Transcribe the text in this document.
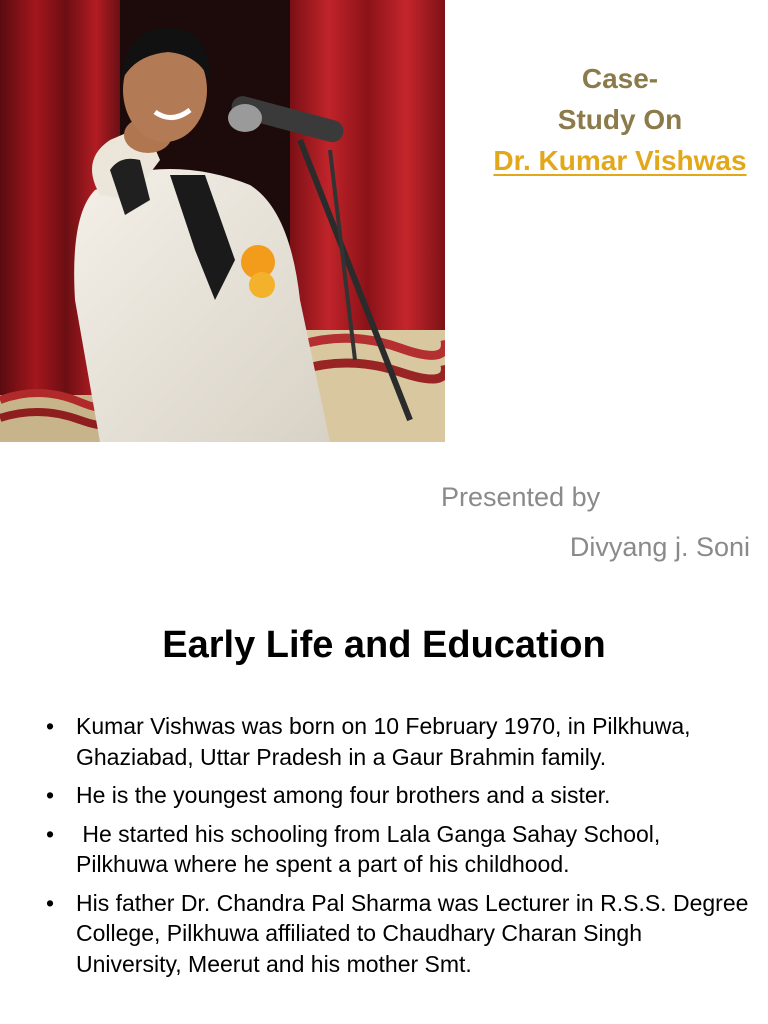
Case-
Study On
Dr. Kumar Vishwas
Presented by
Divyang j. Soni
Early Life and Education
• Kumar Vishwas was born on 10 February 1970, in Pilkhuwa, Ghaziabad, Uttar Pradesh in a Gaur Brahmin family.
• He is the youngest among four brothers and a sister.
• He started his schooling from Lala Ganga Sahay School, Pilkhuwa where he spent a part of his childhood.
• His father Dr. Chandra Pal Sharma was Lecturer in R.S.S. Degree College, Pilkhuwa affiliated to Chaudhary Charan Singh University, Meerut and his mother Smt.
